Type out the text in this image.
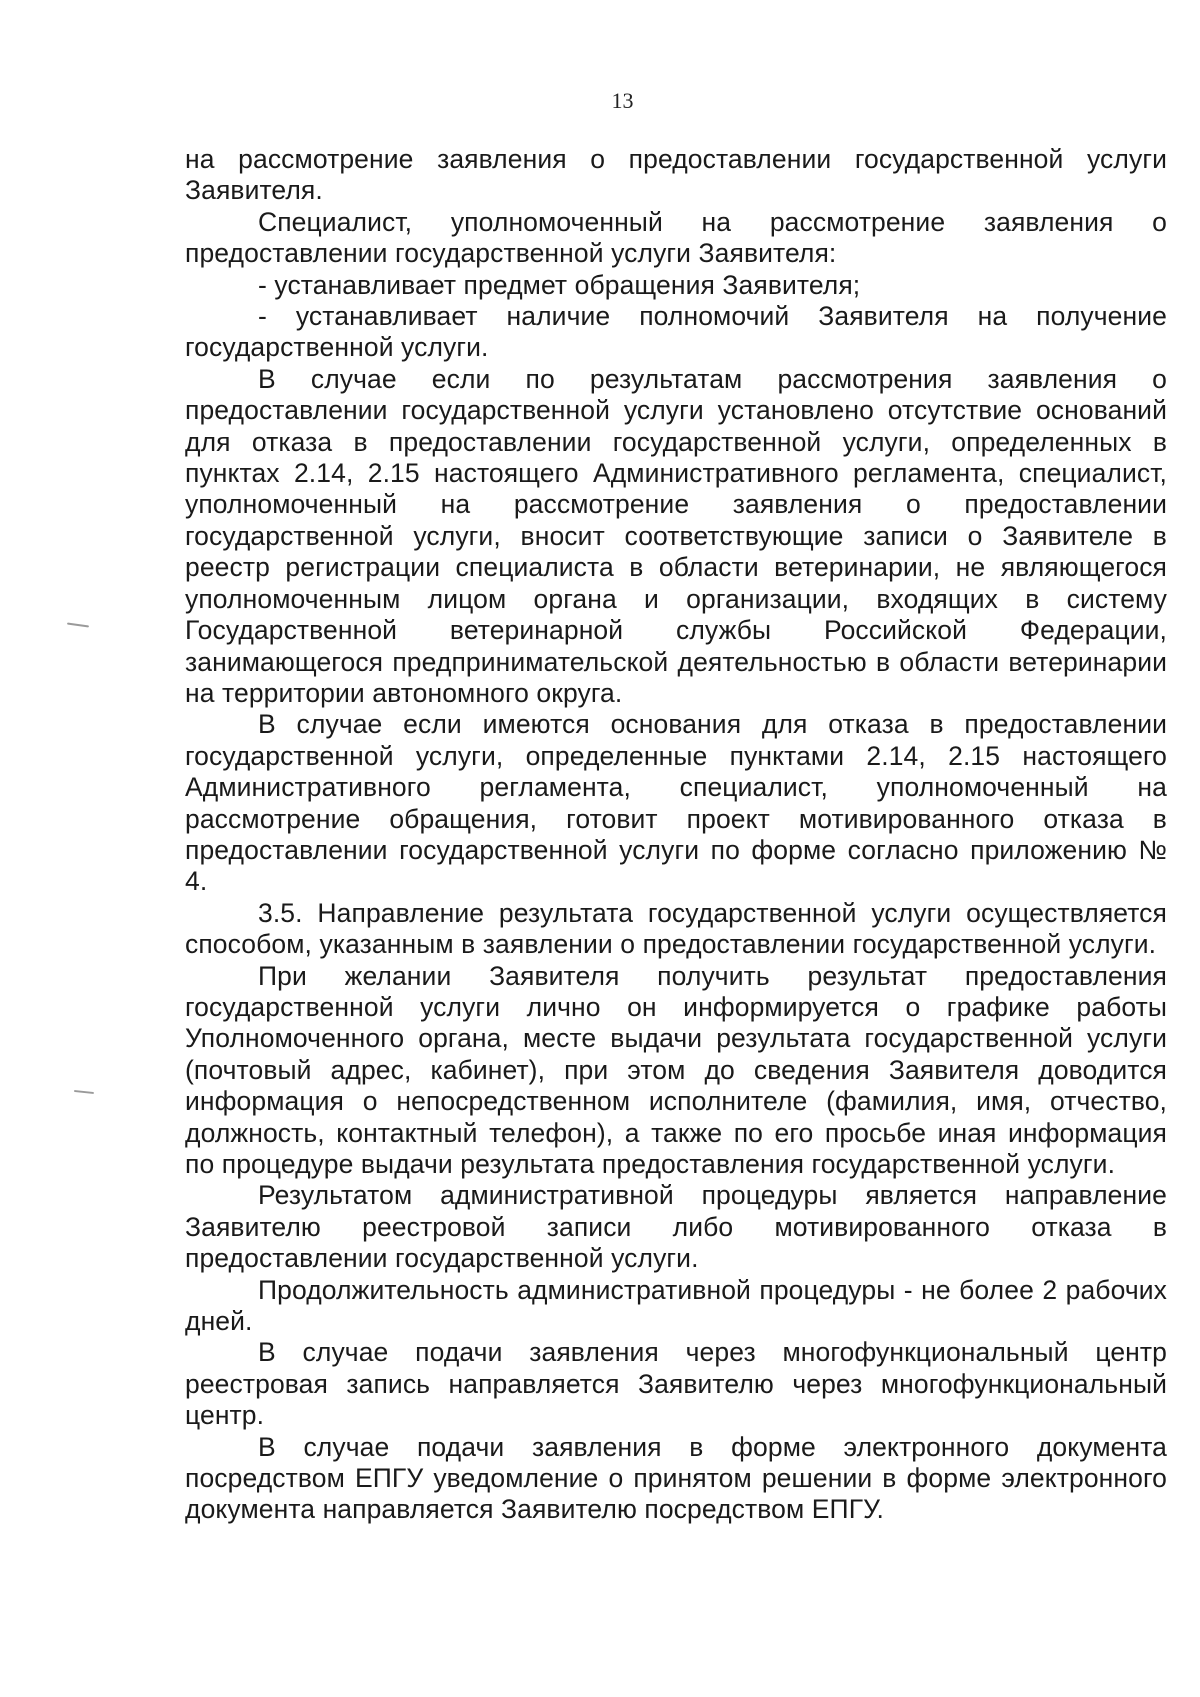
13

на рассмотрение заявления о предоставлении государственной услуги Заявителя.

Специалист, уполномоченный на рассмотрение заявления о предоставлении государственной услуги Заявителя:

- устанавливает предмет обращения Заявителя;

- устанавливает наличие полномочий Заявителя на получение государственной услуги.

В случае если по результатам рассмотрения заявления о предоставлении государственной услуги установлено отсутствие оснований для отказа в предоставлении государственной услуги, определенных в пунктах 2.14, 2.15 настоящего Административного регламента, специалист, уполномоченный на рассмотрение заявления о предоставлении государственной услуги, вносит соответствующие записи о Заявителе в реестр регистрации специалиста в области ветеринарии, не являющегося уполномоченным лицом органа и организации, входящих в систему Государственной ветеринарной службы Российской Федерации, занимающегося предпринимательской деятельностью в области ветеринарии на территории автономного округа.

В случае если имеются основания для отказа в предоставлении государственной услуги, определенные пунктами 2.14, 2.15 настоящего Административного регламента, специалист, уполномоченный на рассмотрение обращения, готовит проект мотивированного отказа в предоставлении государственной услуги по форме согласно приложению № 4.

3.5. Направление результата государственной услуги осуществляется способом, указанным в заявлении о предоставлении государственной услуги.

При желании Заявителя получить результат предоставления государственной услуги лично он информируется о графике работы Уполномоченного органа, месте выдачи результата государственной услуги (почтовый адрес, кабинет), при этом до сведения Заявителя доводится информация о непосредственном исполнителе (фамилия, имя, отчество, должность, контактный телефон), а также по его просьбе иная информация по процедуре выдачи результата предоставления государственной услуги.

Результатом административной процедуры является направление Заявителю реестровой записи либо мотивированного отказа в предоставлении государственной услуги.

Продолжительность административной процедуры - не более 2 рабочих дней.

В случае подачи заявления через многофункциональный центр реестровая запись направляется Заявителю через многофункциональный центр.

В случае подачи заявления в форме электронного документа посредством ЕПГУ уведомление о принятом решении в форме электронного документа направляется Заявителю посредством ЕПГУ.
